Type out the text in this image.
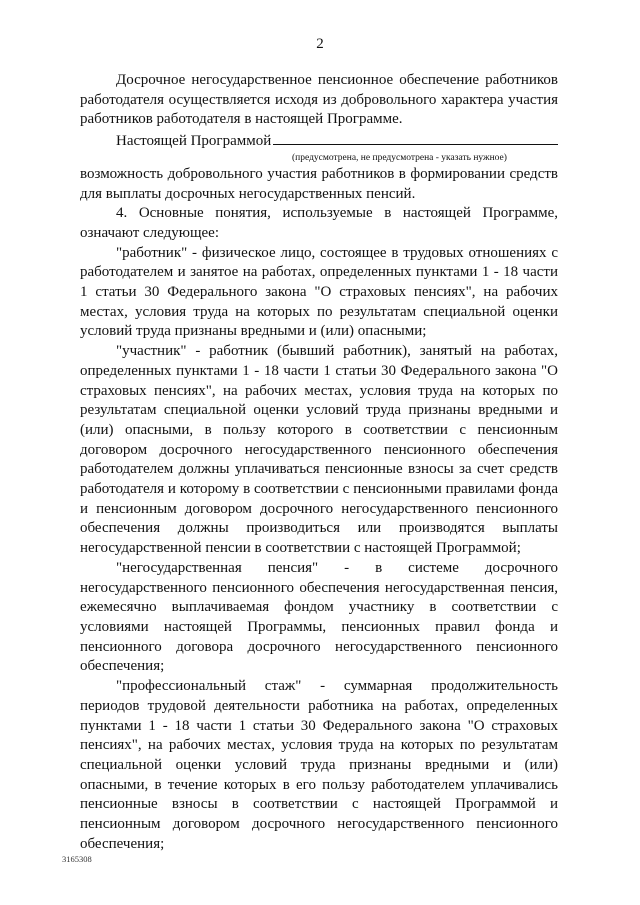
2

Досрочное негосударственное пенсионное обеспечение работников работодателя осуществляется исходя из добровольного характера участия работников работодателя в настоящей Программе.

Настоящей Программой

(предусмотрена, не предусмотрена - указать нужное)

возможность добровольного участия работников в формировании средств для выплаты досрочных негосударственных пенсий.

4. Основные понятия, используемые в настоящей Программе, означают следующее:

"работник" - физическое лицо, состоящее в трудовых отношениях с работодателем и занятое на работах, определенных пунктами 1 - 18 части 1 статьи 30 Федерального закона "О страховых пенсиях", на рабочих местах, условия труда на которых по результатам специальной оценки условий труда признаны вредными и (или) опасными;

"участник" - работник (бывший работник), занятый на работах, определенных пунктами 1 - 18 части 1 статьи 30 Федерального закона "О страховых пенсиях", на рабочих местах, условия труда на которых по результатам специальной оценки условий труда признаны вредными и (или) опасными, в пользу которого в соответствии с пенсионным договором досрочного негосударственного пенсионного обеспечения работодателем должны уплачиваться пенсионные взносы за счет средств работодателя и которому в соответствии с пенсионными правилами фонда и пенсионным договором досрочного негосударственного пенсионного обеспечения должны производиться или производятся выплаты негосударственной пенсии в соответствии с настоящей Программой;

"негосударственная пенсия" - в системе досрочного негосударственного пенсионного обеспечения негосударственная пенсия, ежемесячно выплачиваемая фондом участнику в соответствии с условиями настоящей Программы, пенсионных правил фонда и пенсионного договора досрочного негосударственного пенсионного обеспечения;

"профессиональный стаж" - суммарная продолжительность периодов трудовой деятельности работника на работах, определенных пунктами 1 - 18 части 1 статьи 30 Федерального закона "О страховых пенсиях", на рабочих местах, условия труда на которых по результатам специальной оценки условий труда признаны вредными и (или) опасными, в течение которых в его пользу работодателем уплачивались пенсионные взносы в соответствии с настоящей Программой и пенсионным договором досрочного негосударственного пенсионного обеспечения;

3165308
